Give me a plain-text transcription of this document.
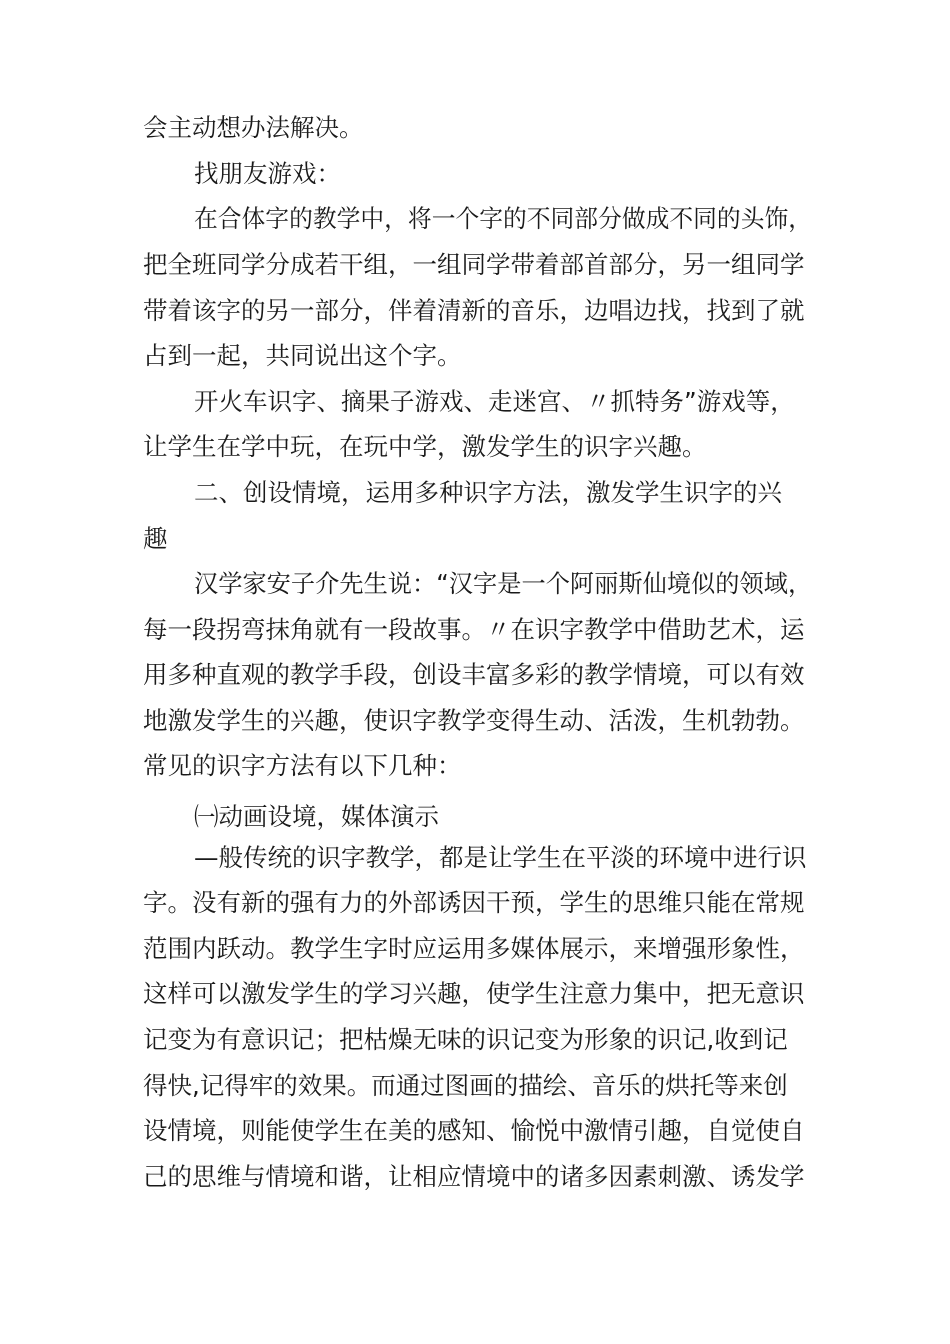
会主动想办法解决。
找朋友游戏：
在合体字的教学中，将一个字的不同部分做成不同的头饰，
把全班同学分成若干组，一组同学带着部首部分，另一组同学
带着该字的另一部分，伴着清新的音乐，边唱边找，找到了就
占到一起，共同说出这个字。
开火车识字、摘果子游戏、走迷宫、〃抓特务”游戏等，
让学生在学中玩，在玩中学，激发学生的识字兴趣。
二、创设情境，运用多种识字方法，激发学生识字的兴
趣
汉学家安子介先生说：“汉字是一个阿丽斯仙境似的领域，
每一段拐弯抹角就有一段故事。〃在识字教学中借助艺术，运
用多种直观的教学手段，创设丰富多彩的教学情境，可以有效
地激发学生的兴趣，使识字教学变得生动、活泼，生机勃勃。
常见的识字方法有以下几种：
㈠动画设境，媒体演示
—般传统的识字教学，都是让学生在平淡的环境中进行识
字。没有新的强有力的外部诱因干预，学生的思维只能在常规
范围内跃动。教学生字时应运用多媒体展示，来增强形象性，
这样可以激发学生的学习兴趣，使学生注意力集中，把无意识
记变为有意识记；把枯燥无味的识记变为形象的识记,收到记
得快,记得牢的效果。而通过图画的描绘、音乐的烘托等来创
设情境，则能使学生在美的感知、愉悦中激情引趣，自觉使自
己的思维与情境和谐，让相应情境中的诸多因素刺激、诱发学
